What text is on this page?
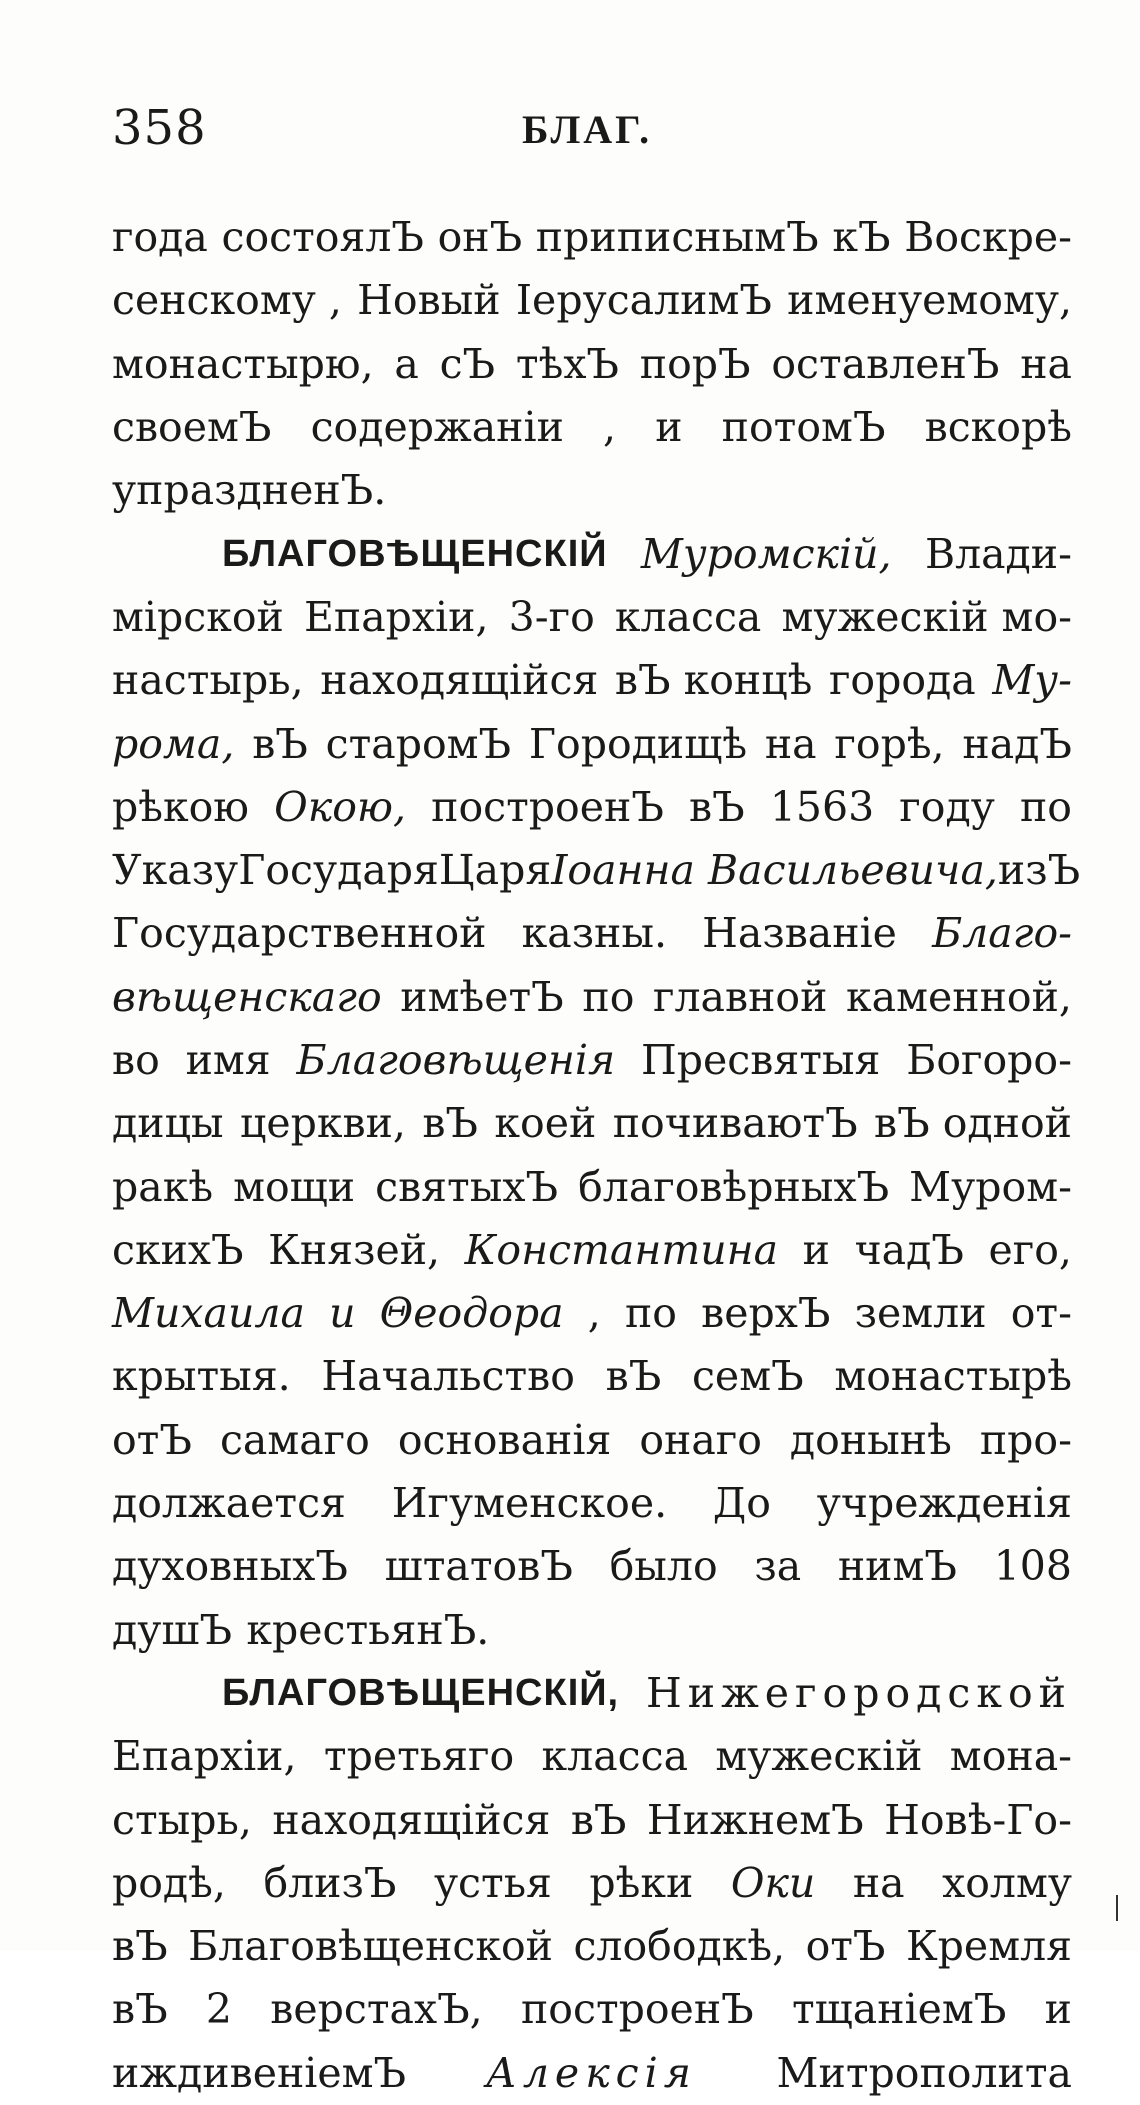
358	БЛАГ.
года состоялЪ онЪ приписнымЪ кЪ Воскре-
сенскому , Новый IерусалимЪ именуемому,
монастырю, а сЪ тѣхЪ порЪ оставленЪ на
своемЪ содержанiи , и потомЪ вскорѣ
упраздненЪ.
БЛАГОВѢЩЕНСКIЙ Муромскiй, Влади-
мiрской Епархiи, 3-го класса мужескiй мо-
настырь, находящiйся вЪ концѣ города Му-
рома, вЪ старомЪ Городищѣ на горѣ, надЪ
рѣкою Окою, построенЪ вЪ 1563 году по
Указу Государя Царя Iоанна Васильевича, изЪ
Государственной казны. Названiе Благо-
вѣщенскаго имѣетЪ по главной каменной,
во имя Благовѣщенiя Пресвятыя Богоро-
дицы церкви, вЪ коей почиваютЪ вЪ одной
ракѣ мощи святыхЪ благовѣрныхЪ Муром-
скихЪ Князей, Константина и чадЪ его,
Михаила и Θеодора , по верхЪ земли от-
крытыя. Начальство вЪ семЪ монастырѣ
отЪ самаго основанiя онаго донынѣ про-
должается Игуменское. До учрежденiя
духовныхЪ штатовЪ было за нимЪ 108
душЪ крестьянЪ.
БЛАГОВѢЩЕНСКIЙ, Нижегородской
Епархiи, третьяго класса мужескiй мона-
стырь, находящiйся вЪ НижнемЪ Новѣ-Го-
родѣ, близЪ устья рѣки Оки на холму
вЪ Благовѣщенской слободкѣ, отЪ Кремля
вЪ 2 верстахЪ, построенЪ тщанiемЪ и
иждивенiемЪ Алексiя Митрополита
